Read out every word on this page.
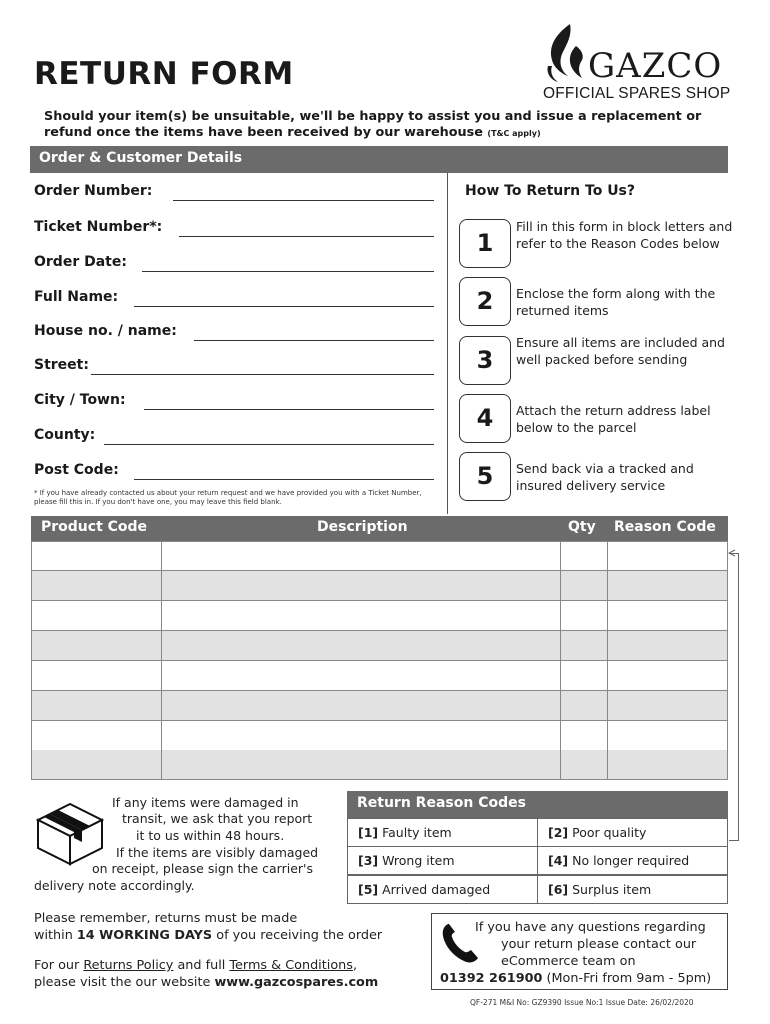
RETURN FORM	GAZCO
OFFICIAL SPARES SHOP
Should your item(s) be unsuitable, we'll be happy to assist you and issue a replacement or refund once the items have been received by our warehouse (T&C apply)
Order & Customer Details
Order Number:
Ticket Number*:
Order Date:
Full Name:
House no. / name:
Street:
City / Town:
County:
Post Code:
* If you have already contacted us about your return request and we have provided you with a Ticket Number, please fill this in. If you don't have one, you may leave this field blank.
How To Return To Us?
1
Fill in this form in block letters and refer to the Reason Codes below
2	Enclose the form along with the returned items
3
Ensure all items are included and well packed before sending
4	Attach the return address label below to the parcel
5	Send back via a tracked and insured delivery service
Product Code	Description	Qty Reason Code
If any items were damaged in
transit, we ask that you report
it to us within 48 hours.
If the items are visibly damaged
on receipt, please sign the carrier's
delivery note accordingly.
Return Reason Codes
[1] Faulty item	[2] Poor quality
[3] Wrong item	[4] No longer required
[5] Arrived damaged	[6] Surplus item
Please remember, returns must be made
within 14 WORKING DAYS of you receiving the order
For our Returns Policy and full Terms & Conditions,
please visit the our website www.gazcospares.com
If you have any questions regarding
your return please contact our
eCommerce team on
01392 261900 (Mon-Fri from 9am - 5pm)
QF-271 M&I No: GZ9390 Issue No:1 Issue Date: 26/02/2020
